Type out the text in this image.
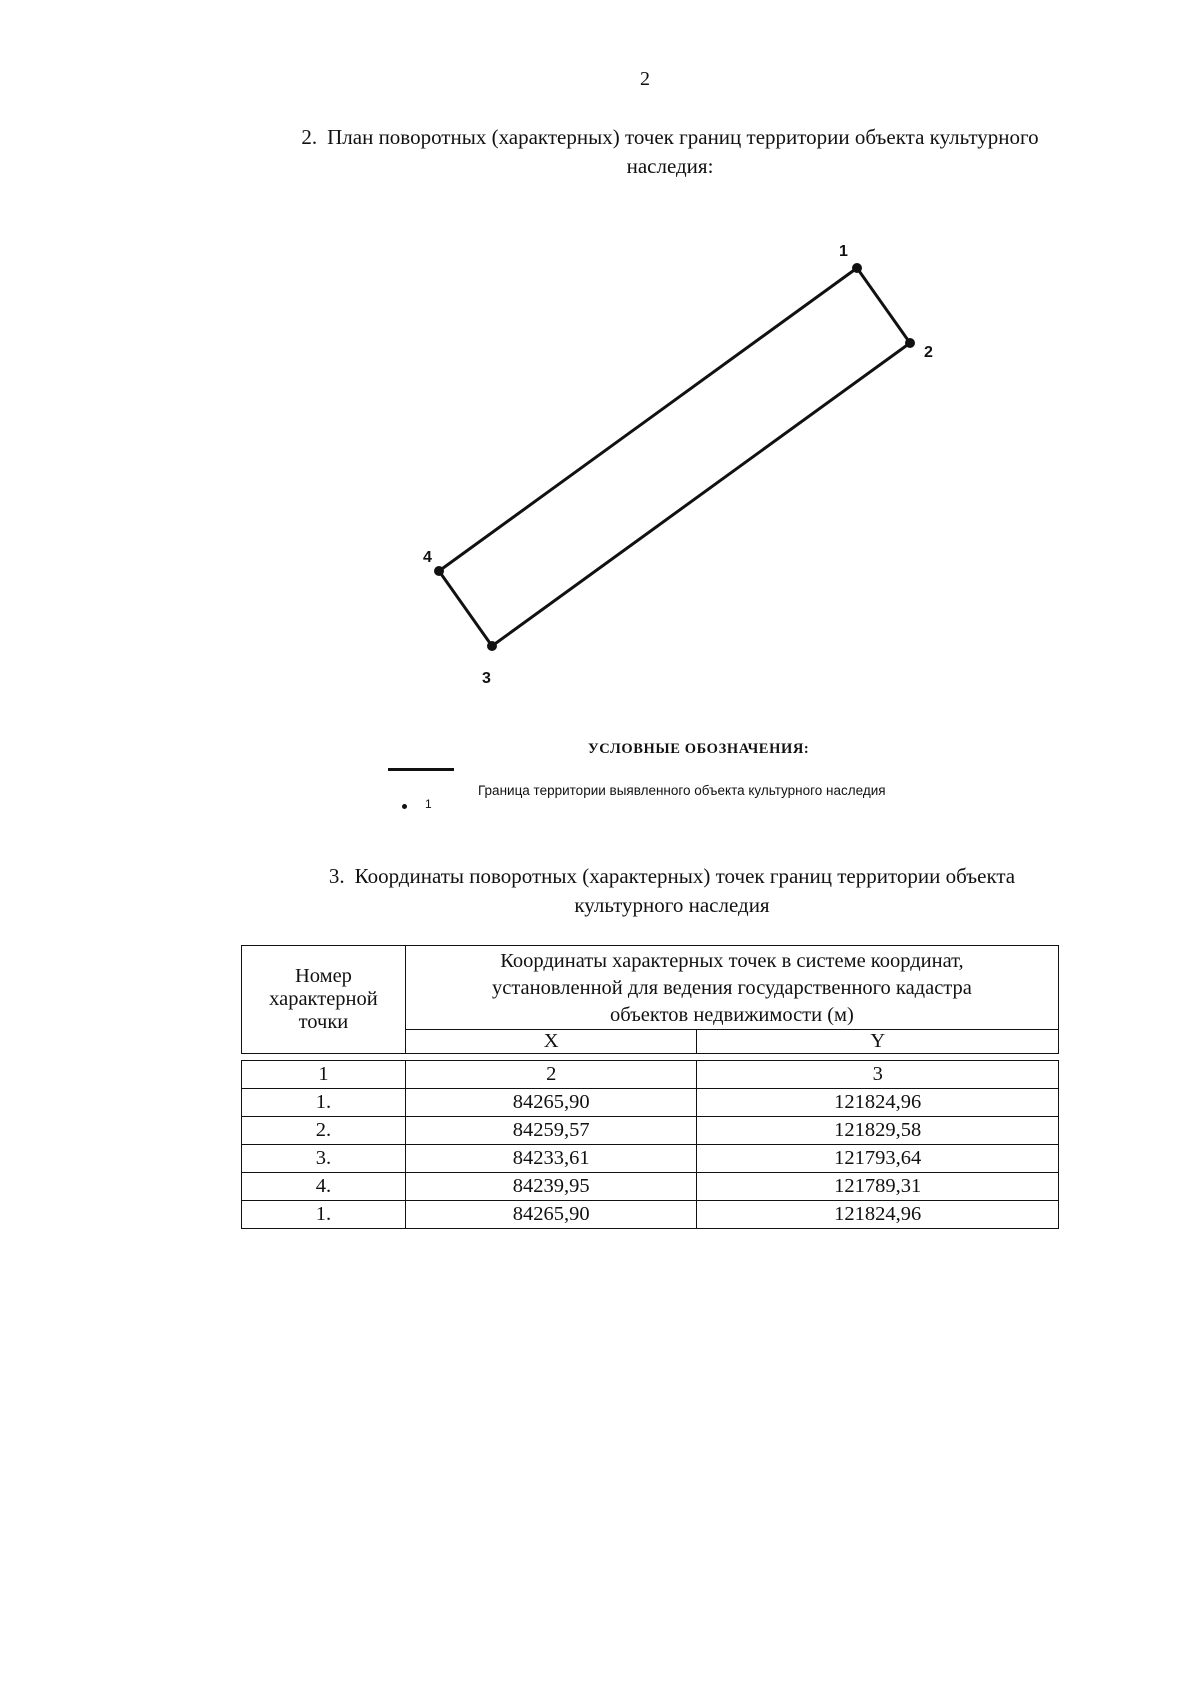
2
2. План поворотных (характерных) точек границ территории объекта культурного
наследия:
1
2
3
4
УСЛОВНЫЕ ОБОЗНАЧЕНИЯ:
1
Граница территории выявленного объекта культурного наследия
3. Координаты поворотных (характерных) точек границ территории объекта
культурного наследия
Номер
характерной
точки	Координаты характерных точек в системе координат,
установленной для ведения государственного кадастра
объектов недвижимости (м)	
	X	Y

1	2	3
1.	84265,90	121824,96
2.	84259,57	121829,58
3.	84233,61	121793,64
4.	84239,95	121789,31
1.	84265,90	121824,96
